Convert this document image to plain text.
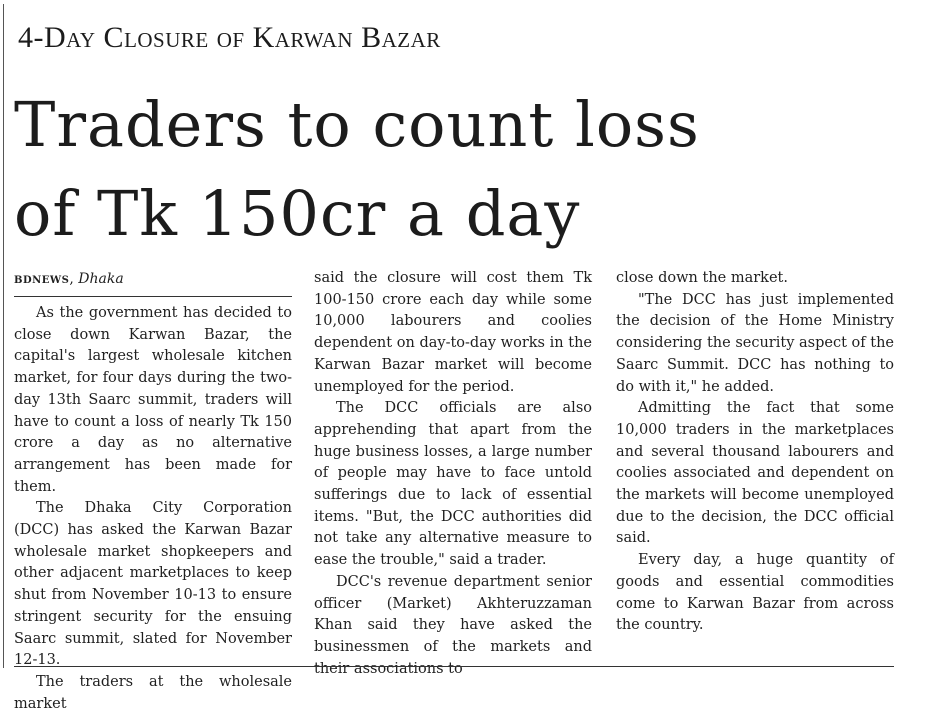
4-Day Closure of Karwan Bazar
Traders to count loss
of Tk 150cr a day
bdnews, Dhaka

As the government has decided to close down Karwan Bazar, the capital's largest wholesale kitchen market, for four days during the two-day 13th Saarc summit, traders will have to count a loss of nearly Tk 150 crore a day as no alternative arrangement has been made for them.

The Dhaka City Corporation (DCC) has asked the Karwan Bazar wholesale market shopkeepers and other adjacent marketplaces to keep shut from November 10-13 to ensure stringent security for the ensuing Saarc summit, slated for November 12-13.

The traders at the wholesale market

said the closure will cost them Tk 100-150 crore each day while some 10,000 labourers and coolies dependent on day-to-day works in the Karwan Bazar market will become unemployed for the period.

The DCC officials are also apprehending that apart from the huge business losses, a large number of people may have to face untold sufferings due to lack of essential items. "But, the DCC authorities did not take any alternative measure to ease the trouble," said a trader.

DCC's revenue department senior officer (Market) Akhteruzzaman Khan said they have asked the businessmen of the markets and their associations to

close down the market.

"The DCC has just implemented the decision of the Home Ministry considering the security aspect of the Saarc Summit. DCC has nothing to do with it," he added.

Admitting the fact that some 10,000 traders in the marketplaces and several thousand labourers and coolies associated and dependent on the markets will become unemployed due to the decision, the DCC official said.

Every day, a huge quantity of goods and essential commodities come to Karwan Bazar from across the country.
